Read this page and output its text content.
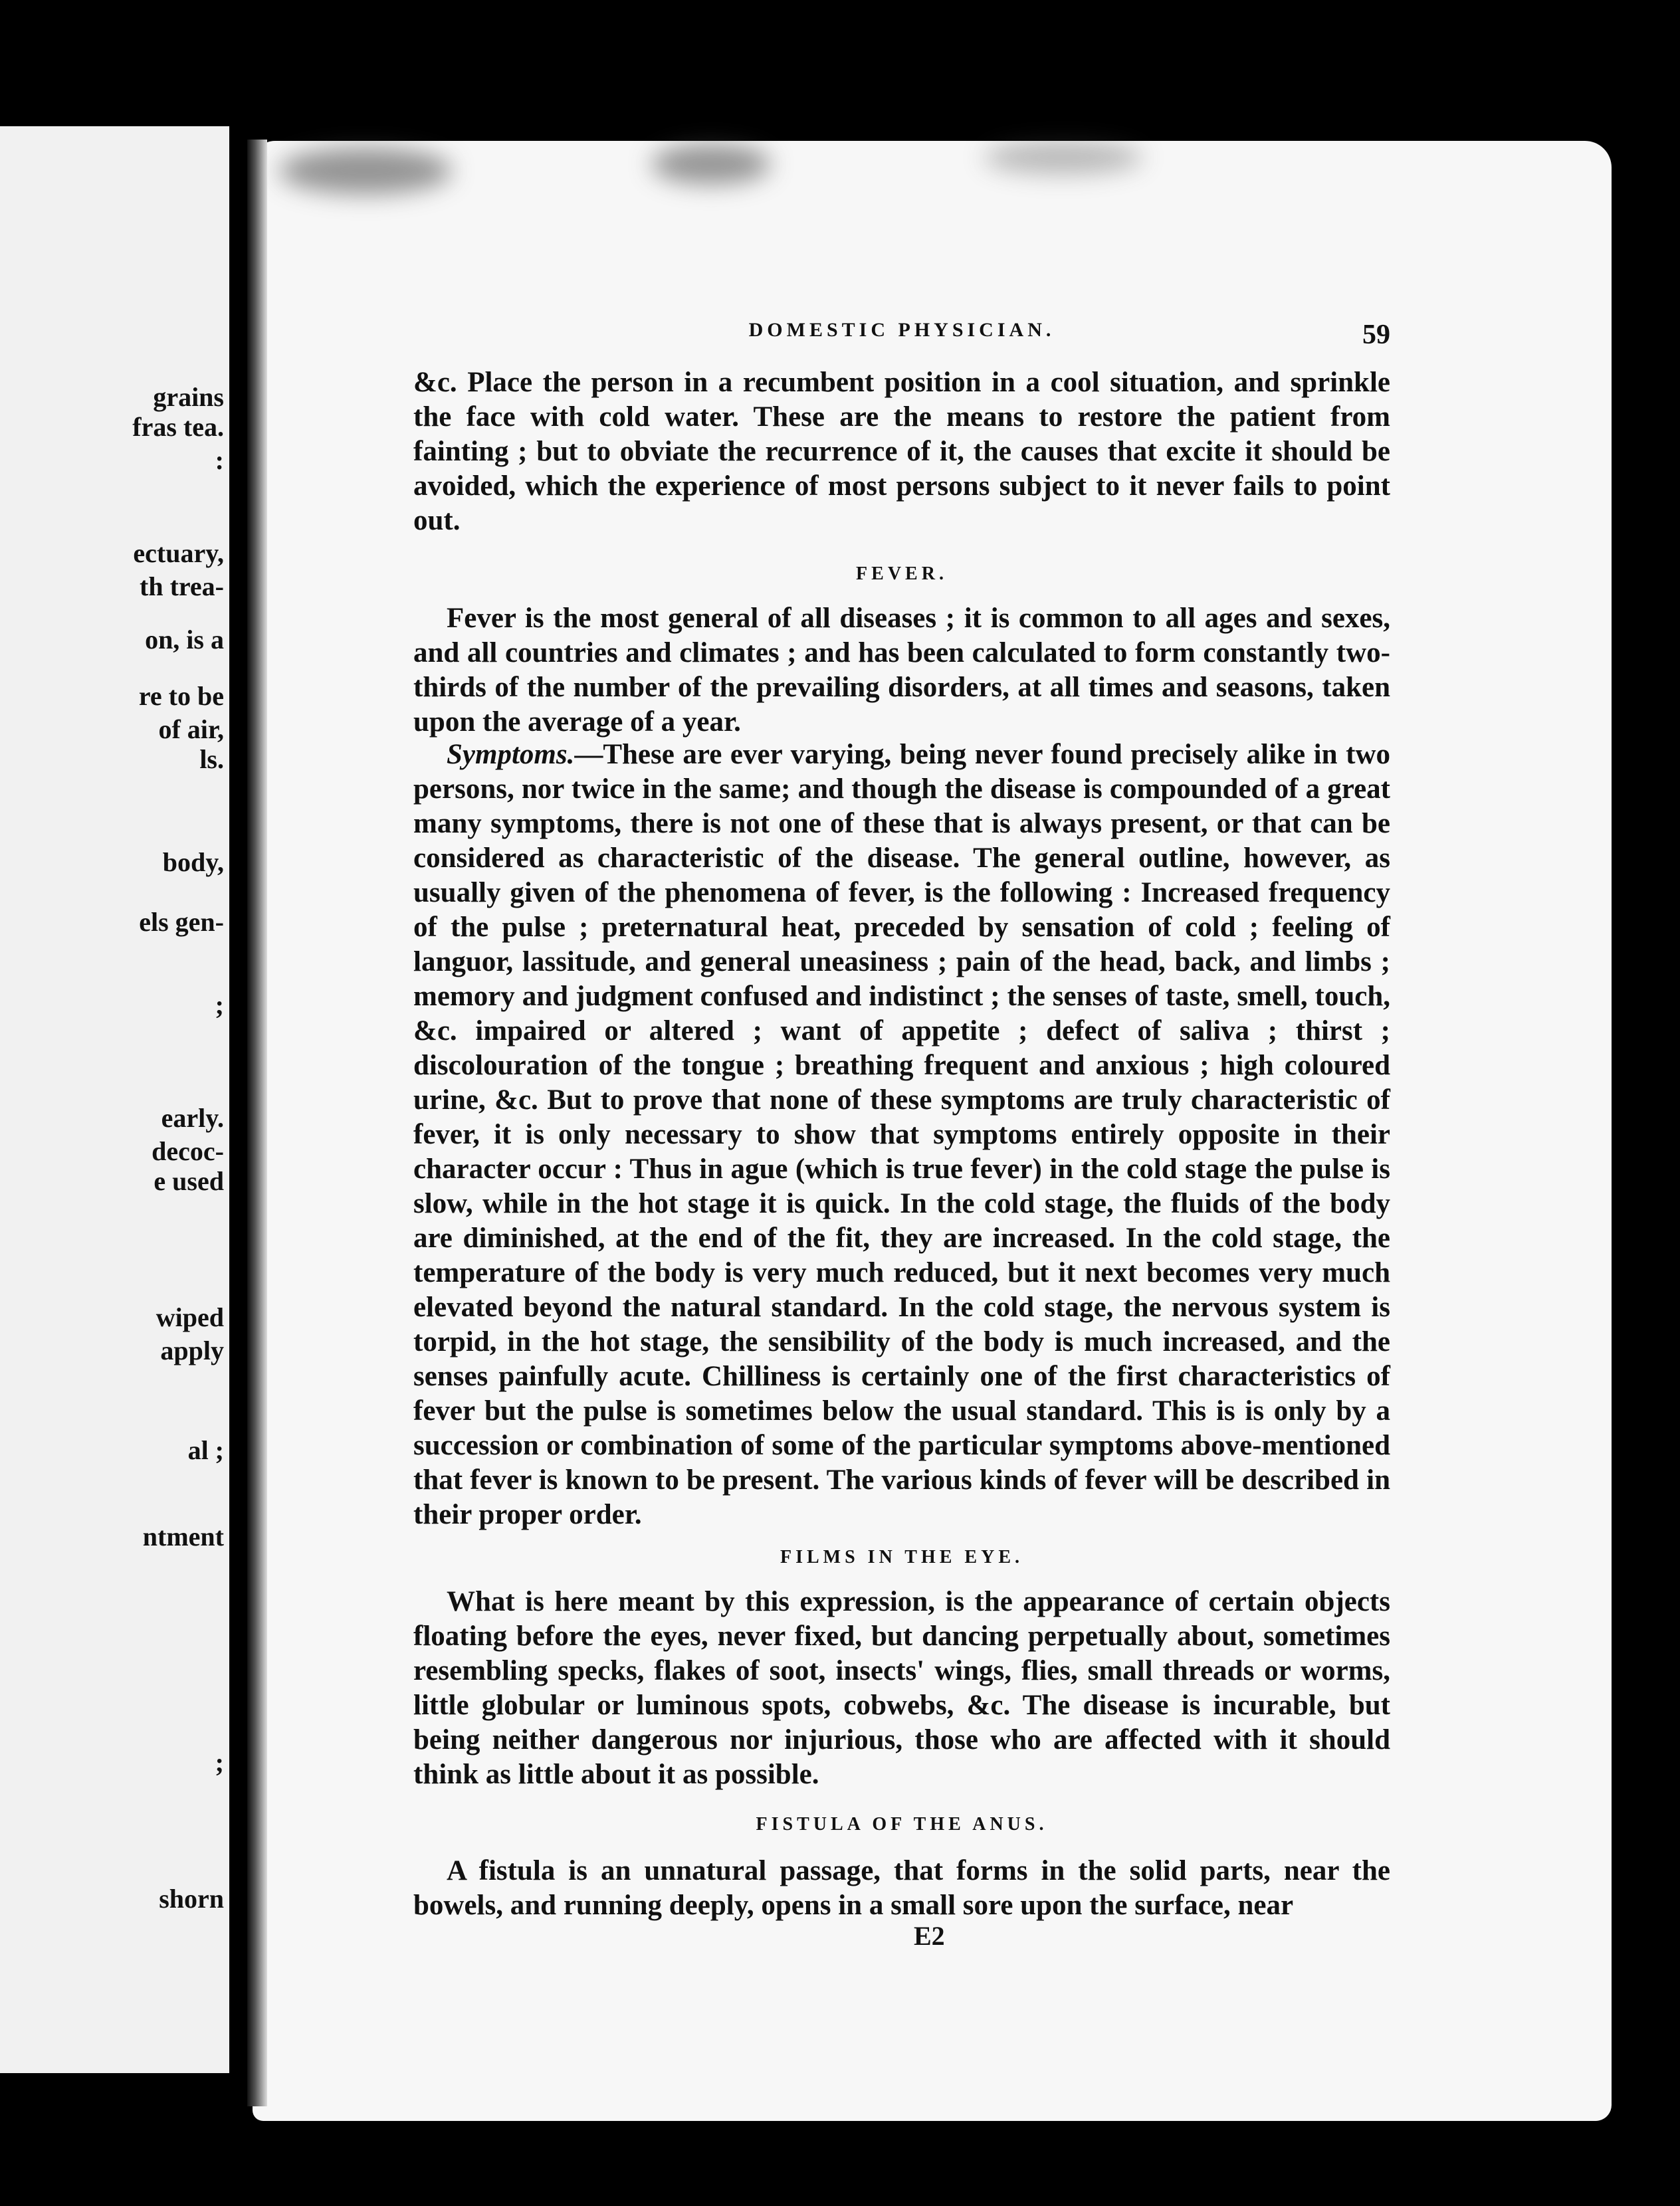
grains
fras tea.
:
ectuary,
th trea-
on, is a
re to be
of air,
ls.
body,
els gen-
;
early.
decoc-
e used
wiped
apply
al ;
ntment
;
shorn
DOMESTIC PHYSICIAN.	59

&c. Place the person in a recumbent position in a cool situation, and sprinkle the face with cold water. These are the means to restore the patient from fainting ; but to obviate the recurrence of it, the causes that excite it should be avoided, which the experience of most persons subject to it never fails to point out.

FEVER.

Fever is the most general of all diseases ; it is common to all ages and sexes, and all countries and climates ; and has been calculated to form constantly two-thirds of the number of the prevailing disorders, at all times and seasons, taken upon the average of a year.

Symptoms.—These are ever varying, being never found precisely alike in two persons, nor twice in the same; and though the disease is compounded of a great many symptoms, there is not one of these that is always present, or that can be considered as characteristic of the disease. The general outline, however, as usually given of the phenomena of fever, is the following : Increased frequency of the pulse ; preternatural heat, preceded by sensation of cold ; feeling of languor, lassitude, and general uneasiness ; pain of the head, back, and limbs ; memory and judgment confused and indistinct ; the senses of taste, smell, touch, &c. impaired or altered ; want of appetite ; defect of saliva ; thirst ; discolouration of the tongue ; breathing frequent and anxious ; high coloured urine, &c. But to prove that none of these symptoms are truly characteristic of fever, it is only necessary to show that symptoms entirely opposite in their character occur : Thus in ague (which is true fever) in the cold stage the pulse is slow, while in the hot stage it is quick. In the cold stage, the fluids of the body are diminished, at the end of the fit, they are increased. In the cold stage, the temperature of the body is very much reduced, but it next becomes very much elevated beyond the natural standard. In the cold stage, the nervous system is torpid, in the hot stage, the sensibility of the body is much increased, and the senses painfully acute. Chilliness is certainly one of the first characteristics of fever but the pulse is sometimes below the usual standard. This is is only by a succession or combination of some of the particular symptoms above-mentioned that fever is known to be present. The various kinds of fever will be described in their proper order.

FILMS IN THE EYE.

What is here meant by this expression, is the appearance of certain objects floating before the eyes, never fixed, but dancing perpetually about, sometimes resembling specks, flakes of soot, insects' wings, flies, small threads or worms, little globular or luminous spots, cobwebs, &c. The disease is incurable, but being neither dangerous nor injurious, those who are affected with it should think as little about it as possible.

FISTULA OF THE ANUS.

A fistula is an unnatural passage, that forms in the solid parts, near the bowels, and running deeply, opens in a small sore upon the surface, near

E2
